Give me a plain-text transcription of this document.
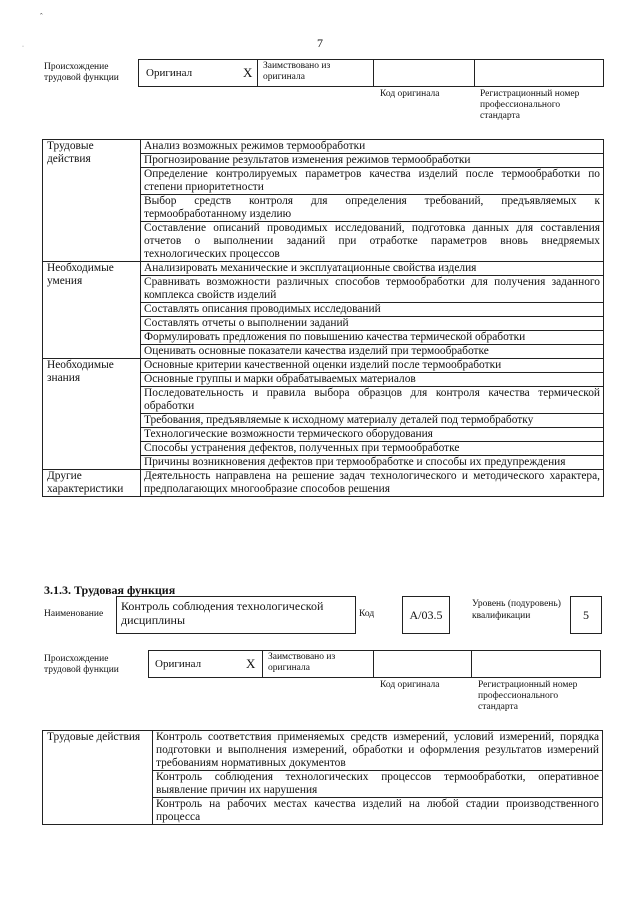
ˆ
·	7
Происхождение трудовой функции	Оригинал	X Заимствовано из оригинала
Код оригинала	Регистрационный номер профессионального стандарта
Трудовые действия	Анализ возможных режимов термообработки
	Прогнозирование результатов изменения режимов термообработки
	Определение контролируемых параметров качества изделий после термообработки по степени приоритетности
	Выбор средств контроля для определения требований, предъявляемых к термообработанному изделию
	Составление описаний проводимых исследований, подготовка данных для составления отчетов о выполнении заданий при отработке параметров вновь внедряемых технологических процессов
Необходимые умения	Анализировать механические и эксплуатационные свойства изделия
	Сравнивать возможности различных способов термообработки для получения заданного комплекса свойств изделий
	Составлять описания проводимых исследований
	Составлять отчеты о выполнении заданий
	Формулировать предложения по повышению качества термической обработки
	Оценивать основные показатели качества изделий при термообработке
Необходимые знания	Основные критерии качественной оценки изделий после термообработки
	Основные группы и марки обрабатываемых материалов
	Последовательность и правила выбора образцов для контроля качества термической обработки
	Требования, предъявляемые к исходному материалу деталей под термобработку
	Технологические возможности термического оборудования
	Способы устранения дефектов, полученных при термообработке
	Причины возникновения дефектов при термообработке и способы их предупреждения
Другие характеристики	Деятельность направлена на решение задач технологического и методического характера, предполагающих многообразие способов решения
3.1.3. Трудовая функция
Наименование
Контроль соблюдения технологической дисциплины	Код	А/03.5
Уровень (подуровень) квалификации	5
Происхождение трудовой функции	Оригинал	X Заимствовано из оригинала
Код оригинала	Регистрационный номер профессионального стандарта
Трудовые действия	Контроль соответствия применяемых средств измерений, условий измерений, порядка подготовки и выполнения измерений, обработки и оформления результатов измерений требованиям нормативных документов
Контроль соблюдения технологических процессов термообработки, оперативное выявление причин их нарушения
Контроль на рабочих местах качества изделий на любой стадии производственного процесса
